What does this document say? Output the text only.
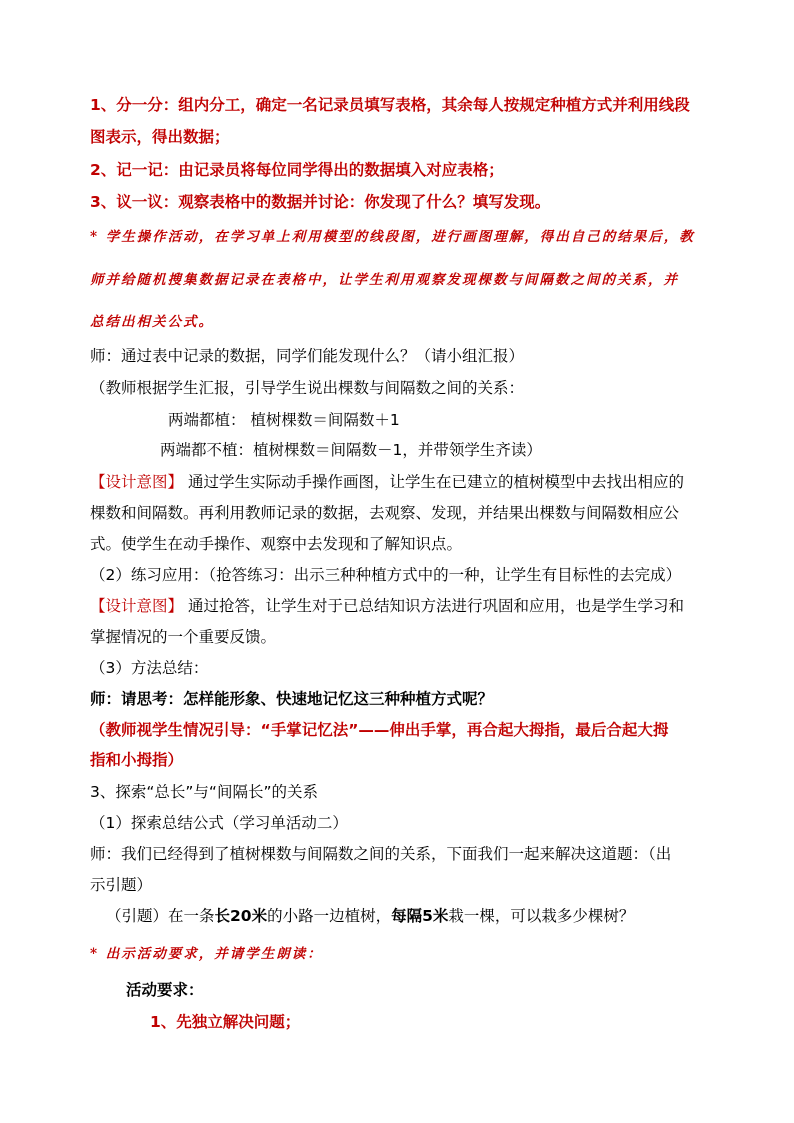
1、分一分：组内分工，确定一名记录员填写表格，其余每人按规定种植方式并利用线段
图表示，得出数据；
2、记一记：由记录员将每位同学得出的数据填入对应表格；
3、议一议：观察表格中的数据并讨论：你发现了什么？填写发现。
* 学生操作活动，在学习单上利用模型的线段图，进行画图理解，得出自己的结果后，教
师并给随机搜集数据记录在表格中，让学生利用观察发现棵数与间隔数之间的关系，并
总结出相关公式。
师：通过表中记录的数据，同学们能发现什么？（请小组汇报）
（教师根据学生汇报，引导学生说出棵数与间隔数之间的关系：
两端都植： 植树棵数＝间隔数＋1
两端都不植：植树棵数＝间隔数－1，并带领学生齐读）
【设计意图】 通过学生实际动手操作画图，让学生在已建立的植树模型中去找出相应的
棵数和间隔数。再利用教师记录的数据，去观察、发现，并结果出棵数与间隔数相应公
式。使学生在动手操作、观察中去发现和了解知识点。
（2）练习应用：（抢答练习：出示三种种植方式中的一种，让学生有目标性的去完成）
【设计意图】 通过抢答，让学生对于已总结知识方法进行巩固和应用，也是学生学习和
掌握情况的一个重要反馈。
（3）方法总结：
师：请思考：怎样能形象、快速地记忆这三种种植方式呢？
（教师视学生情况引导：“手掌记忆法”——伸出手掌，再合起大拇指，最后合起大拇
指和小拇指）
3、探索“总长”与“间隔长”的关系
（1）探索总结公式（学习单活动二）
师：我们已经得到了植树棵数与间隔数之间的关系，下面我们一起来解决这道题：（出
示引题）
（引题）在一条长20米的小路一边植树，每隔5米栽一棵，可以栽多少棵树？
* 出示活动要求，并请学生朗读：
活动要求：
1、先独立解决问题；
